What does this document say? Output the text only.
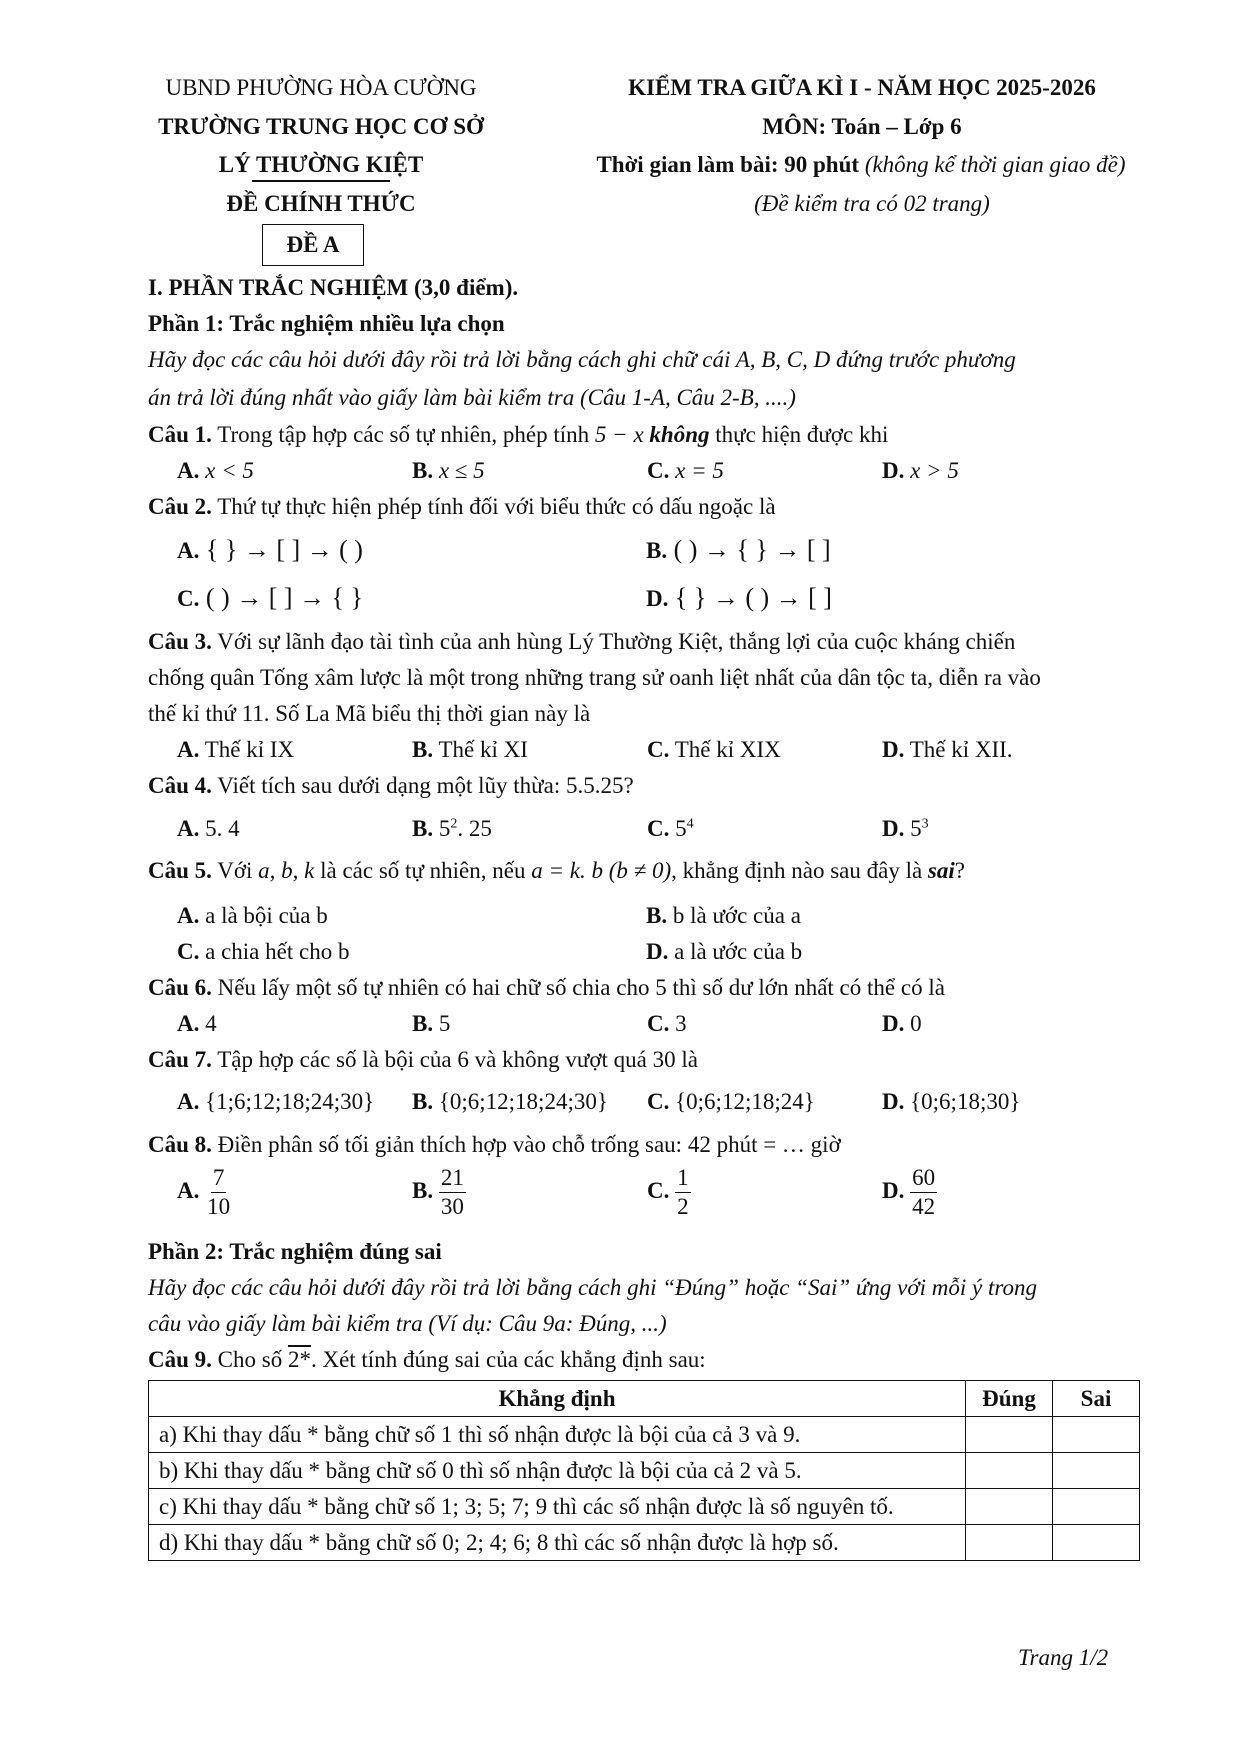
UBND PHƯỜNG HÒA CƯỜNG
TRƯỜNG TRUNG HỌC CƠ SỞ
LÝ THƯỜNG KIỆT
ĐỀ CHÍNH THỨC
ĐỀ A
KIỂM TRA GIỮA KÌ I - NĂM HỌC 2025-2026
MÔN: Toán – Lớp 6
Thời gian làm bài: 90 phút (không kể thời gian giao đề)
(Đề kiểm tra có 02 trang)
I. PHẦN TRẮC NGHIỆM (3,0 điểm).
Phần 1: Trắc nghiệm nhiều lựa chọn
Hãy đọc các câu hỏi dưới đây rồi trả lời bằng cách ghi chữ cái A, B, C, D đứng trước phương
án trả lời đúng nhất vào giấy làm bài kiểm tra (Câu 1-A, Câu 2-B, ....)
Câu 1. Trong tập hợp các số tự nhiên, phép tính 5 − x không thực hiện được khi
A. x < 5	B. x ≤ 5	C. x = 5	D. x > 5
Câu 2. Thứ tự thực hiện phép tính đối với biểu thức có dấu ngoặc là
A. { } → [ ] → ( )	B. ( ) → { } → [ ]
C. ( ) → [ ] → { }	D. { } → ( ) → [ ]
Câu 3. Với sự lãnh đạo tài tình của anh hùng Lý Thường Kiệt, thắng lợi của cuộc kháng chiến
chống quân Tống xâm lược là một trong những trang sử oanh liệt nhất của dân tộc ta, diễn ra vào
thế kỉ thứ 11. Số La Mã biểu thị thời gian này là
A. Thế kỉ IX	B. Thế kỉ XI	C. Thế kỉ XIX	D. Thế kỉ XII.
Câu 4. Viết tích sau dưới dạng một lũy thừa: 5.5.25?
A. 5. 4	B. $5^2$. 25	C. $5^4$	D. $5^3$
Câu 5. Với a, b, k là các số tự nhiên, nếu a = k. b (b ≠ 0), khẳng định nào sau đây là sai?
A. a là bội của b	B. b là ước của a
C. a chia hết cho b	D. a là ước của b
Câu 6. Nếu lấy một số tự nhiên có hai chữ số chia cho 5 thì số dư lớn nhất có thể có là
A. 4	B. 5	C. 3	D. 0
Câu 7. Tập hợp các số là bội của 6 và không vượt quá 30 là
A. {1;6;12;18;24;30} B. {0;6;12;18;24;30} C. {0;6;12;18;24}	D. {0;6;18;30}
Câu 8. Điền phân số tối giản thích hợp vào chỗ trống sau: 42 phút = … giờ
A. $\frac{7}{10}$	B. $\frac{21}{30}$	C. $\frac{1}{2}$	D. $\frac{60}{42}$
Phần 2: Trắc nghiệm đúng sai
Hãy đọc các câu hỏi dưới đây rồi trả lời bằng cách ghi “Đúng” hoặc “Sai” ứng với mỗi ý trong
câu vào giấy làm bài kiểm tra (Ví dụ: Câu 9a: Đúng, ...)
Câu 9. Cho số 2*. Xét tính đúng sai của các khẳng định sau:
Khẳng định	Đúng	Sai
a) Khi thay dấu * bằng chữ số 1 thì số nhận được là bội của cả 3 và 9.		
b) Khi thay dấu * bằng chữ số 0 thì số nhận được là bội của cả 2 và 5.		
c) Khi thay dấu * bằng chữ số 1; 3; 5; 7; 9 thì các số nhận được là số nguyên tố.		
d) Khi thay dấu * bằng chữ số 0; 2; 4; 6; 8 thì các số nhận được là hợp số.		
Trang 1/2
